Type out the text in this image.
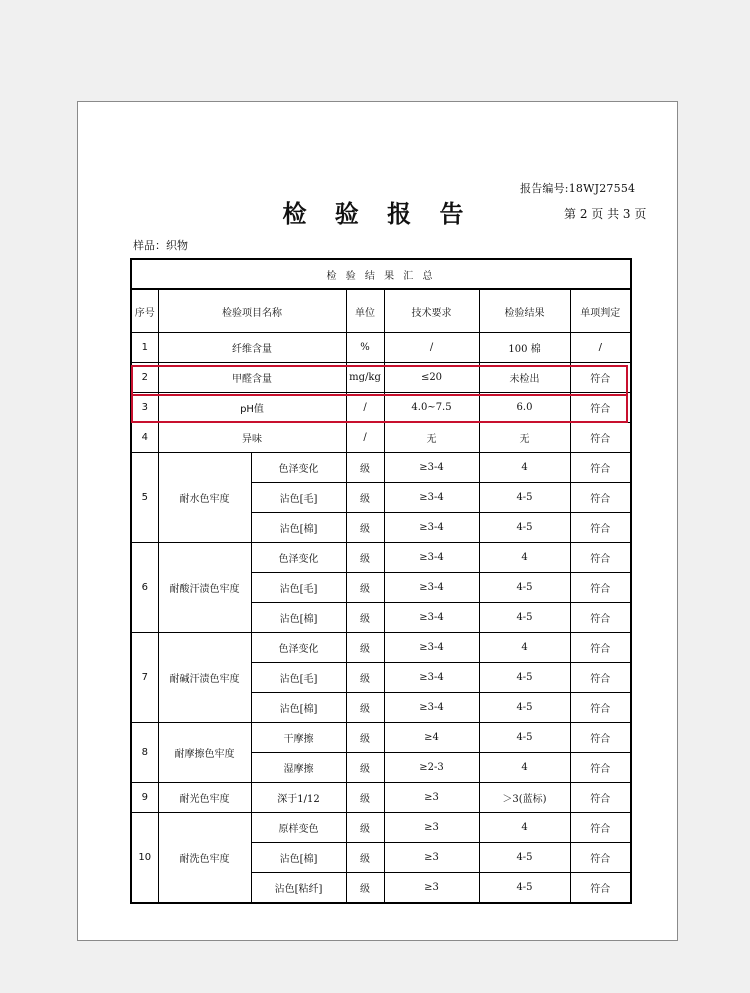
报告编号:18WJ27554
检 验 报 告	第 2 页 共 3 页
样品：织物
检 验 结 果 汇 总						
序号	检验项目名称		单位	技术要求	检验结果	单项判定
1	纤维含量		%	/	100 棉	/
2	甲醛含量		mg/kg	≤20	未检出	符合
3	pH值		/	4.0~7.5	6.0	符合
4	异味		/	无	无	符合
5	耐水色牢度	色泽变化	级	≥3-4	4	符合
		沾色[毛]	级	≥3-4	4-5	符合
		沾色[棉]	级	≥3-4	4-5	符合
6	耐酸汗渍色牢度	色泽变化	级	≥3-4	4	符合
		沾色[毛]	级	≥3-4	4-5	符合
		沾色[棉]	级	≥3-4	4-5	符合
7	耐碱汗渍色牢度	色泽变化	级	≥3-4	4	符合
		沾色[毛]	级	≥3-4	4-5	符合
		沾色[棉]	级	≥3-4	4-5	符合
8	耐摩擦色牢度	干摩擦	级	≥4	4-5	符合
		湿摩擦	级	≥2-3	4	符合
9	耐光色牢度	深于1/12	级	≥3	＞3(蓝标)	符合
10	耐洗色牢度	原样变色	级	≥3	4	符合
		沾色[棉]	级	≥3	4-5	符合
		沾色[粘纤]	级	≥3	4-5	符合
